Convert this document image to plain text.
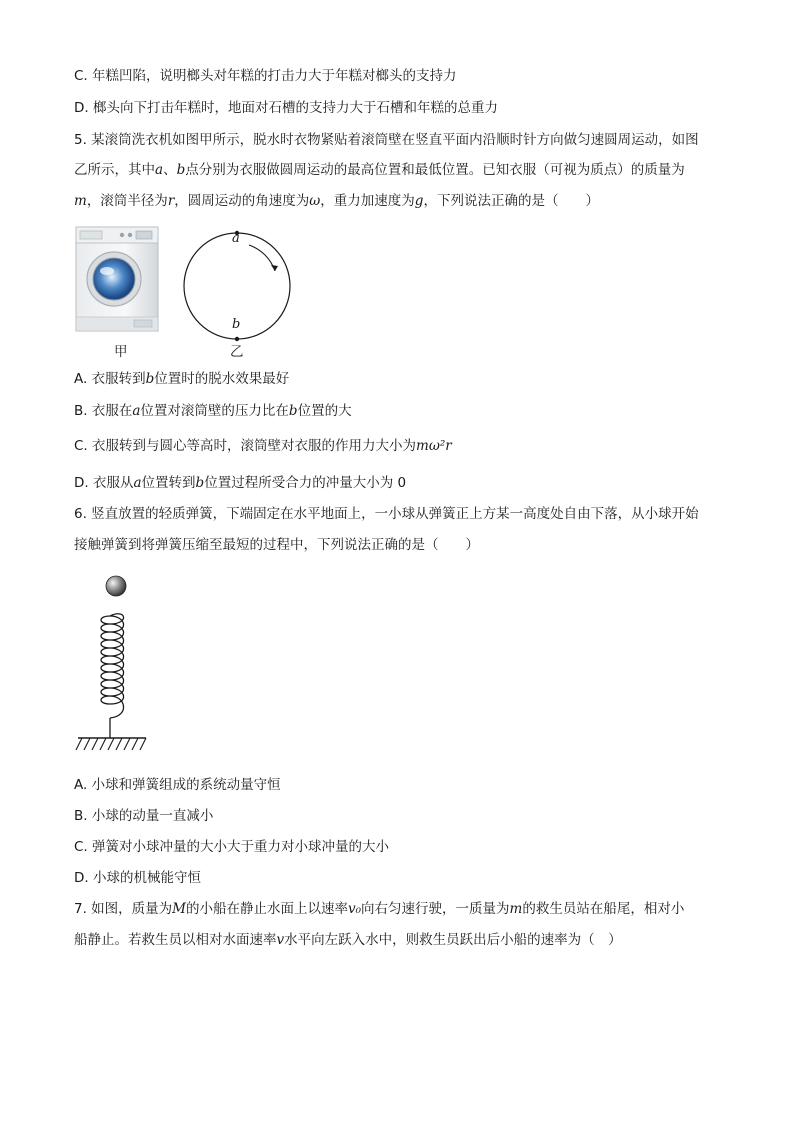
C. 年糕凹陷，说明榔头对年糕的打击力大于年糕对榔头的支持力
D. 榔头向下打击年糕时，地面对石槽的支持力大于石槽和年糕的总重力
5. 某滚筒洗衣机如图甲所示，脱水时衣物紧贴着滚筒壁在竖直平面内沿顺时针方向做匀速圆周运动，如图
乙所示，其中a、b点分别为衣服做圆周运动的最高位置和最低位置。已知衣服（可视为质点）的质量为
m，滚筒半径为r，圆周运动的角速度为ω，重力加速度为g，下列说法正确的是（　　）
甲
a
b
乙
A. 衣服转到b位置时的脱水效果最好
B. 衣服在a位置对滚筒壁的压力比在b位置的大
C. 衣服转到与圆心等高时，滚筒壁对衣服的作用力大小为mω²r
D. 衣服从a位置转到b位置过程所受合力的冲量大小为 0
6. 竖直放置的轻质弹簧，下端固定在水平地面上，一小球从弹簧正上方某一高度处自由下落，从小球开始
接触弹簧到将弹簧压缩至最短的过程中，下列说法正确的是（　　）
A. 小球和弹簧组成的系统动量守恒
B. 小球的动量一直减小
C. 弹簧对小球冲量的大小大于重力对小球冲量的大小
D. 小球的机械能守恒
7. 如图，质量为M的小船在静止水面上以速率v₀向右匀速行驶，一质量为m的救生员站在船尾，相对小
船静止。若救生员以相对水面速率v水平向左跃入水中，则救生员跃出后小船的速率为（　）
